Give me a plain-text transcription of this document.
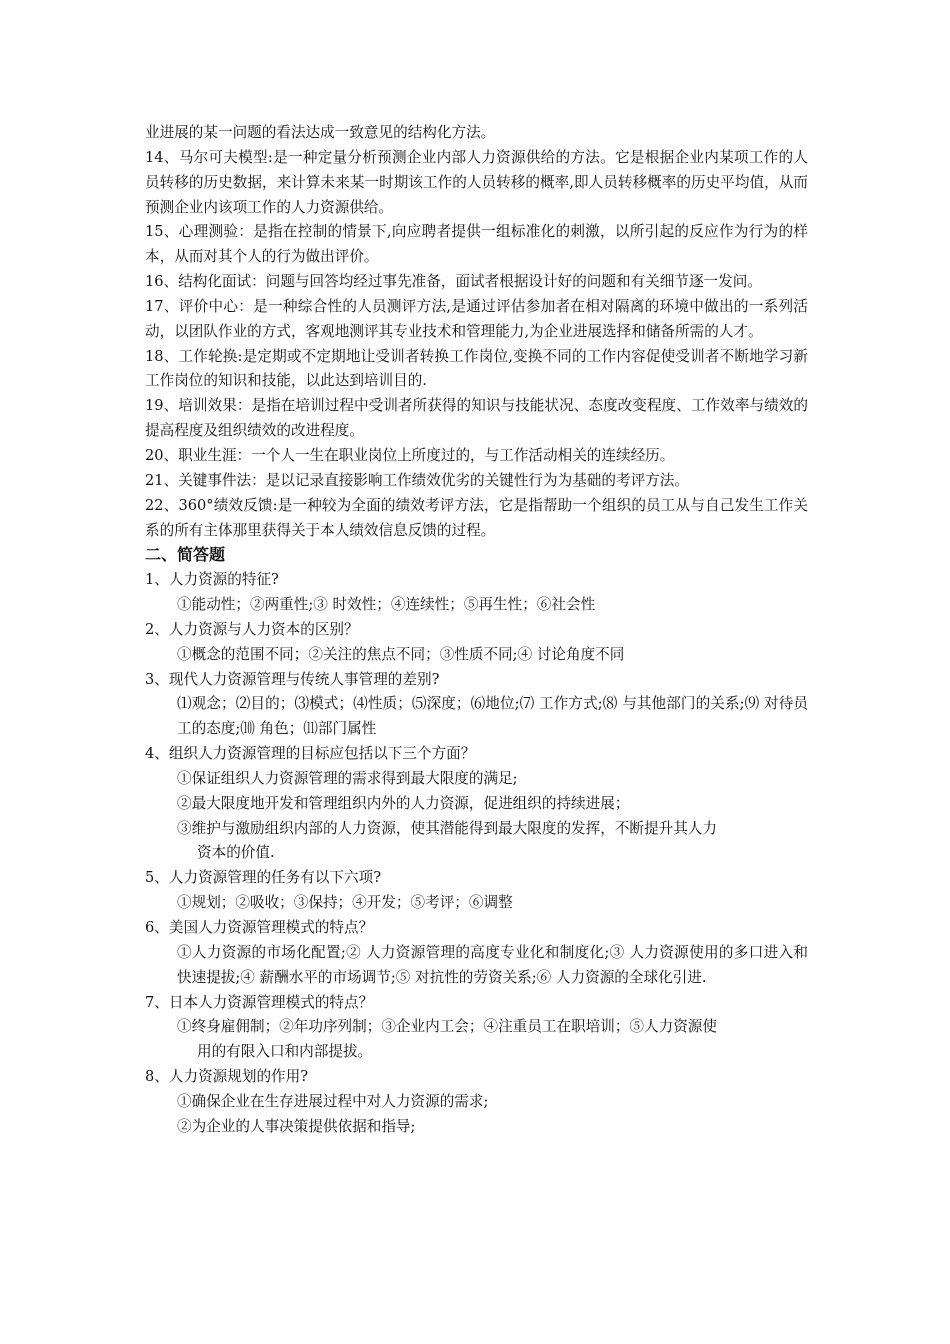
业进展的某一问题的看法达成一致意见的结构化方法。

14、马尔可夫模型:是一种定量分析预测企业内部人力资源供给的方法。它是根据企业内某项工作的人员转移的历史数据，来计算未来某一时期该工作的人员转移的概率,即人员转移概率的历史平均值，从而预测企业内该项工作的人力资源供给。

15、心理测验：是指在控制的情景下,向应聘者提供一组标准化的刺激，以所引起的反应作为行为的样本，从而对其个人的行为做出评价。

16、结构化面试：问题与回答均经过事先准备，面试者根据设计好的问题和有关细节逐一发问。

17、评价中心：是一种综合性的人员测评方法,是通过评估参加者在相对隔离的环境中做出的一系列活动，以团队作业的方式，客观地测评其专业技术和管理能力,为企业进展选择和储备所需的人才。

18、工作轮换:是定期或不定期地让受训者转换工作岗位,变换不同的工作内容促使受训者不断地学习新工作岗位的知识和技能，以此达到培训目的.

19、培训效果：是指在培训过程中受训者所获得的知识与技能状况、态度改变程度、工作效率与绩效的提高程度及组织绩效的改进程度。

20、职业生涯：一个人一生在职业岗位上所度过的，与工作活动相关的连续经历。

21、关键事件法：是以记录直接影响工作绩效优劣的关键性行为为基础的考评方法。

22、360°绩效反馈:是一种较为全面的绩效考评方法，它是指帮助一个组织的员工从与自己发生工作关系的所有主体那里获得关于本人绩效信息反馈的过程。

二、简答题

1、人力资源的特征?

①能动性；②两重性;③ 时效性；④连续性；⑤再生性；⑥社会性

2、人力资源与人力资本的区别？

①概念的范围不同；②关注的焦点不同；③性质不同;④ 讨论角度不同

3、现代人力资源管理与传统人事管理的差别?

⑴观念；⑵目的；⑶模式；⑷性质；⑸深度；⑹地位;⑺ 工作方式;⑻ 与其他部门的关系;⑼ 对待员工的态度;⑽ 角色；⑾部门属性

4、组织人力资源管理的目标应包括以下三个方面？

①保证组织人力资源管理的需求得到最大限度的满足;

②最大限度地开发和管理组织内外的人力资源，促进组织的持续进展；

③维护与激励组织内部的人力资源，使其潜能得到最大限度的发挥，不断提升其人力
资本的价值.

5、人力资源管理的任务有以下六项?

①规划；②吸收；③保持；④开发；⑤考评；⑥调整

6、美国人力资源管理模式的特点？

①人力资源的市场化配置;② 人力资源管理的高度专业化和制度化;③ 人力资源使用的多口进入和快速提拔;④ 薪酬水平的市场调节;⑤ 对抗性的劳资关系;⑥ 人力资源的全球化引进.

7、日本人力资源管理模式的特点？

①终身雇佣制；②年功序列制；③企业内工会；④注重员工在职培训；⑤人力资源使
用的有限入口和内部提拔。

8、人力资源规划的作用?

①确保企业在生存进展过程中对人力资源的需求;

②为企业的人事决策提供依据和指导;
